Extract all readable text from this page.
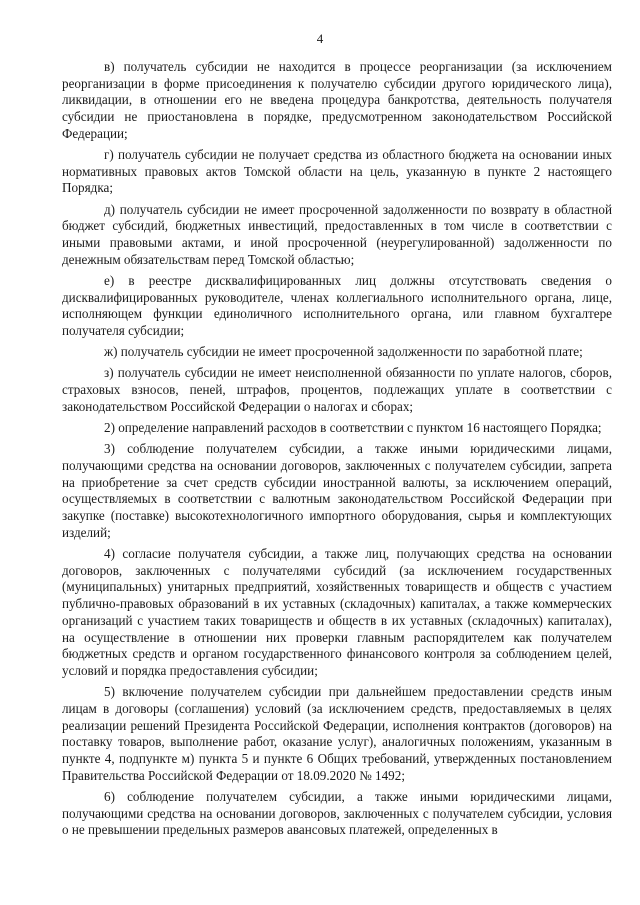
4

в) получатель субсидии не находится в процессе реорганизации (за исключением реорганизации в форме присоединения к получателю субсидии другого юридического лица), ликвидации, в отношении его не введена процедура банкротства, деятельность получателя субсидии не приостановлена в порядке, предусмотренном законодательством Российской Федерации;

г) получатель субсидии не получает средства из областного бюджета на основании иных нормативных правовых актов Томской области на цель, указанную в пункте 2 настоящего Порядка;

д) получатель субсидии не имеет просроченной задолженности по возврату в областной бюджет субсидий, бюджетных инвестиций, предоставленных в том числе в соответствии с иными правовыми актами, и иной просроченной (неурегулированной) задолженности по денежным обязательствам перед Томской областью;

е) в реестре дисквалифицированных лиц должны отсутствовать сведения о дисквалифицированных руководителе, членах коллегиального исполнительного органа, лице, исполняющем функции единоличного исполнительного органа, или главном бухгалтере получателя субсидии;

ж) получатель субсидии не имеет просроченной задолженности по заработной плате;

з) получатель субсидии не имеет неисполненной обязанности по уплате налогов, сборов, страховых взносов, пеней, штрафов, процентов, подлежащих уплате в соответствии с законодательством Российской Федерации о налогах и сборах;

2) определение направлений расходов в соответствии с пунктом 16 настоящего Порядка;

3) соблюдение получателем субсидии, а также иными юридическими лицами, получающими средства на основании договоров, заключенных с получателем субсидии, запрета на приобретение за счет средств субсидии иностранной валюты, за исключением операций, осуществляемых в соответствии с валютным законодательством Российской Федерации при закупке (поставке) высокотехнологичного импортного оборудования, сырья и комплектующих изделий;

4) согласие получателя субсидии, а также лиц, получающих средства на основании договоров, заключенных с получателями субсидий (за исключением государственных (муниципальных) унитарных предприятий, хозяйственных товариществ и обществ с участием публично-правовых образований в их уставных (складочных) капиталах, а также коммерческих организаций с участием таких товариществ и обществ в их уставных (складочных) капиталах), на осуществление в отношении них проверки главным распорядителем как получателем бюджетных средств и органом государственного финансового контроля за соблюдением целей, условий и порядка предоставления субсидии;

5) включение получателем субсидии при дальнейшем предоставлении средств иным лицам в договоры (соглашения) условий (за исключением средств, предоставляемых в целях реализации решений Президента Российской Федерации, исполнения контрактов (договоров) на поставку товаров, выполнение работ, оказание услуг), аналогичных положениям, указанным в пункте 4, подпункте м) пункта 5 и пункте 6 Общих требований, утвержденных постановлением Правительства Российской Федерации от 18.09.2020 № 1492;

6) соблюдение получателем субсидии, а также иными юридическими лицами, получающими средства на основании договоров, заключенных с получателем субсидии, условия о не превышении предельных размеров авансовых платежей, определенных в
